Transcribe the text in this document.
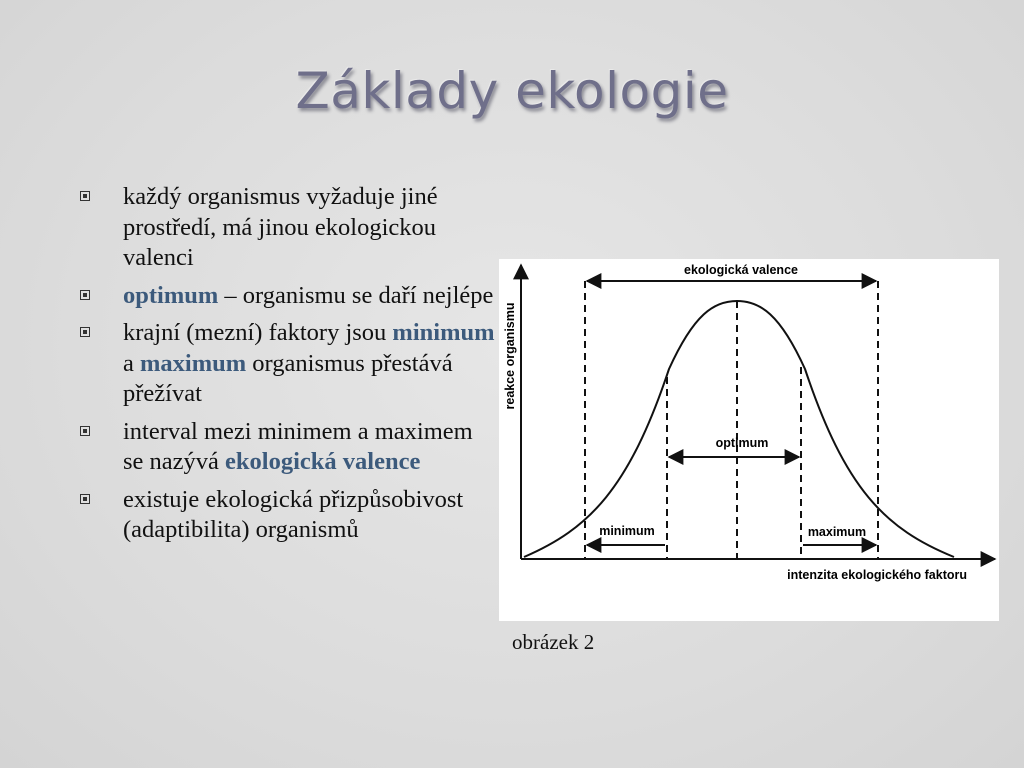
Základy ekologie
každý organismus vyžaduje jiné prostředí, má jinou ekologickou valenci
optimum – organismu se daří nejlépe
krajní (mezní) faktory jsou minimum a maximum organismus přestává přežívat
interval mezi minimem a maximem se nazývá ekologická valence
existuje ekologická přizpůsobivost (adaptibilita) organismů
ekologická valence
optimum
minimum	maximum
reakce organismu
intenzita ekologického faktoru
obrázek 2
